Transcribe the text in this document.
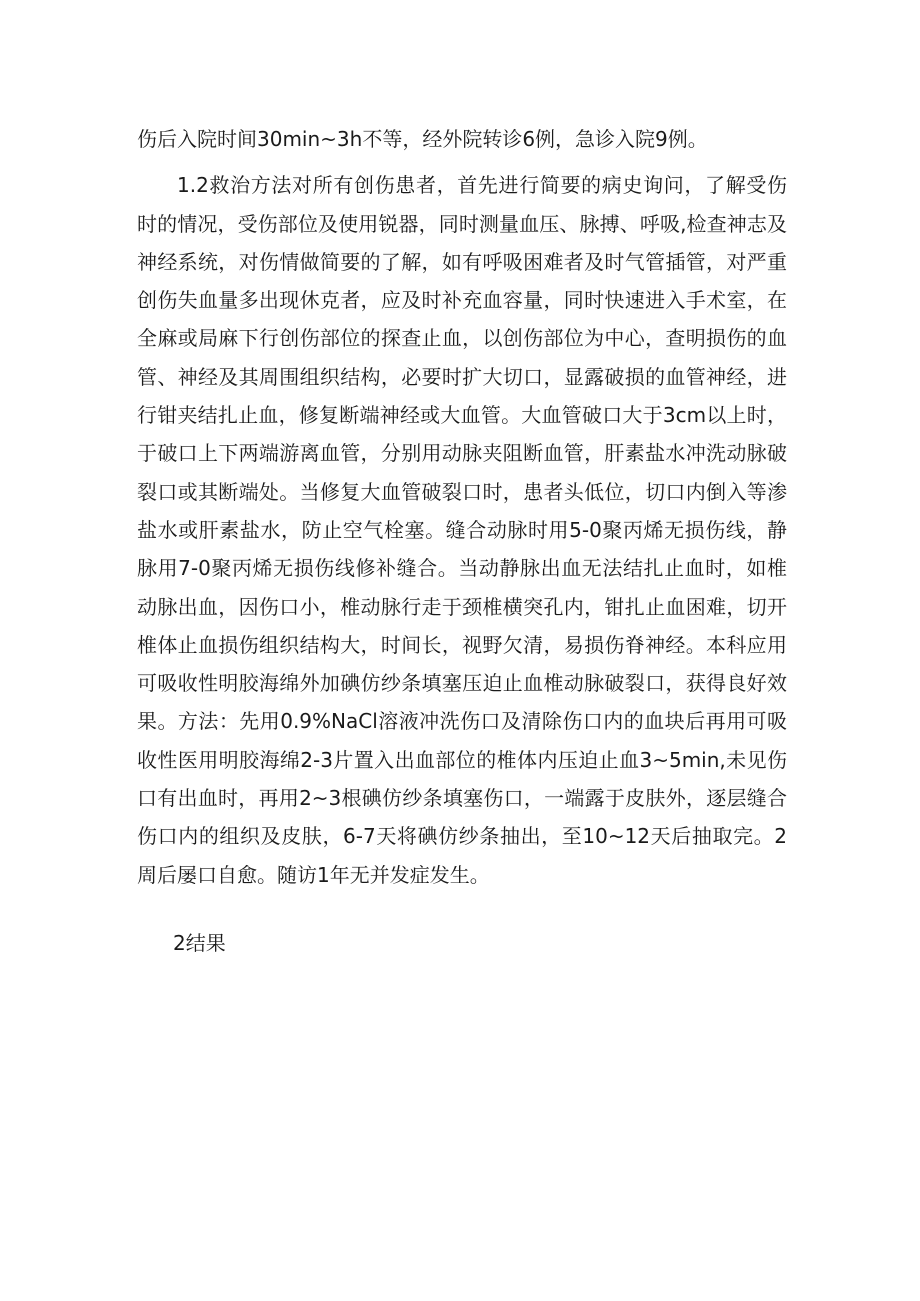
伤后入院时间30min~3h不等，经外院转诊6例，急诊入院9例。

1.2救治方法对所有创伤患者，首先进行简要的病史询问，了解受伤时的情况，受伤部位及使用锐器，同时测量血压、脉搏、呼吸,检查神志及神经系统，对伤情做简要的了解，如有呼吸困难者及时气管插管，对严重创伤失血量多出现休克者，应及时补充血容量，同时快速进入手术室，在全麻或局麻下行创伤部位的探查止血，以创伤部位为中心，查明损伤的血管、神经及其周围组织结构，必要时扩大切口，显露破损的血管神经，进行钳夹结扎止血，修复断端神经或大血管。大血管破口大于3cm以上时，于破口上下两端游离血管，分别用动脉夹阻断血管，肝素盐水冲洗动脉破裂口或其断端处。当修复大血管破裂口时，患者头低位，切口内倒入等渗盐水或肝素盐水，防止空气栓塞。缝合动脉时用5-0聚丙烯无损伤线，静脉用7-0聚丙烯无损伤线修补缝合。当动静脉出血无法结扎止血时，如椎动脉出血，因伤口小，椎动脉行走于颈椎横突孔内，钳扎止血困难，切开椎体止血损伤组织结构大，时间长，视野欠清，易损伤脊神经。本科应用可吸收性明胶海绵外加碘仿纱条填塞压迫止血椎动脉破裂口，获得良好效果。方法：先用0.9%NaCl溶液冲洗伤口及清除伤口内的血块后再用可吸收性医用明胶海绵2-3片置入出血部位的椎体内压迫止血3~5min,未见伤口有出血时，再用2~3根碘仿纱条填塞伤口，一端露于皮肤外，逐层缝合伤口内的组织及皮肤，6-7天将碘仿纱条抽出，至10~12天后抽取完。2周后屡口自愈。随访1年无并发症发生。

2结果
